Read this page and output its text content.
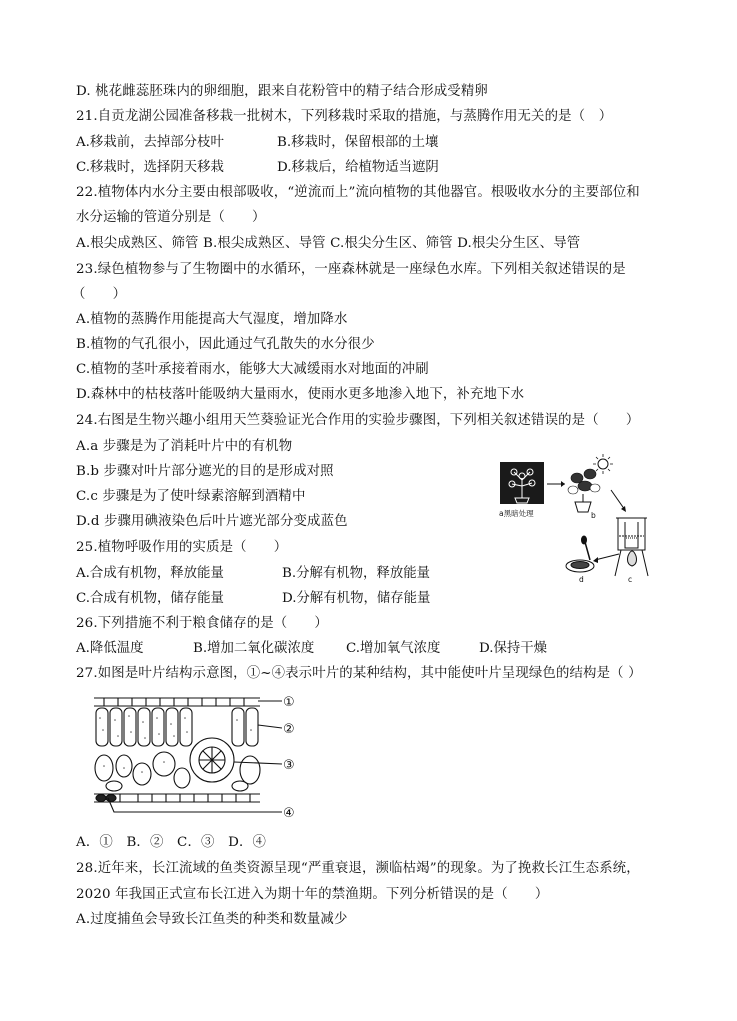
D. 桃花雌蕊胚珠内的卵细胞，跟来自花粉管中的精子结合形成受精卵
21.自贡龙湖公园准备移栽一批树木，下列移栽时采取的措施，与蒸腾作用无关的是（　）
A.移栽前，去掉部分枝叶	B.移栽时，保留根部的土壤
C.移栽时，选择阴天移栽	D.移栽后，给植物适当遮阴
22.植物体内水分主要由根部吸收，“逆流而上”流向植物的其他器官。根吸收水分的主要部位和
水分运输的管道分别是（　　）
A.根尖成熟区、筛管 B.根尖成熟区、导管 C.根尖分生区、筛管 D.根尖分生区、导管
23.绿色植物参与了生物圈中的水循环，一座森林就是一座绿色水库。下列相关叙述错误的是
（　　）
A.植物的蒸腾作用能提高大气湿度，增加降水
B.植物的气孔很小，因此通过气孔散失的水分很少
C.植物的茎叶承接着雨水，能够大大减缓雨水对地面的冲刷
D.森林中的枯枝落叶能吸纳大量雨水，使雨水更多地渗入地下，补充地下水
24.右图是生物兴趣小组用天竺葵验证光合作用的实验步骤图，下列相关叙述错误的是（　　）
A.a 步骤是为了消耗叶片中的有机物
B.b 步骤对叶片部分遮光的目的是形成对照
C.c 步骤是为了使叶绿素溶解到酒精中
D.d 步骤用碘液染色后叶片遮光部分变成蓝色
a黑暗处理	b
c
d
25.植物呼吸作用的实质是（　　）
A.合成有机物，释放能量	B.分解有机物，释放能量
C.合成有机物，储存能量	D.分解有机物，储存能量
26.下列措施不利于粮食储存的是（　　）
A.降低温度	B.增加二氧化碳浓度 C.增加氧气浓度	D.保持干燥
27.如图是叶片结构示意图，①~④表示叶片的某种结构，其中能使叶片呈现绿色的结构是（ ）
①
②
③
④
A．①　B．②　C．③　D．④
28.近年来，长江流域的鱼类资源呈现“严重衰退，濒临枯竭”的现象。为了挽救长江生态系统，
2020 年我国正式宣布长江进入为期十年的禁渔期。下列分析错误的是（　　）
A.过度捕鱼会导致长江鱼类的种类和数量减少
